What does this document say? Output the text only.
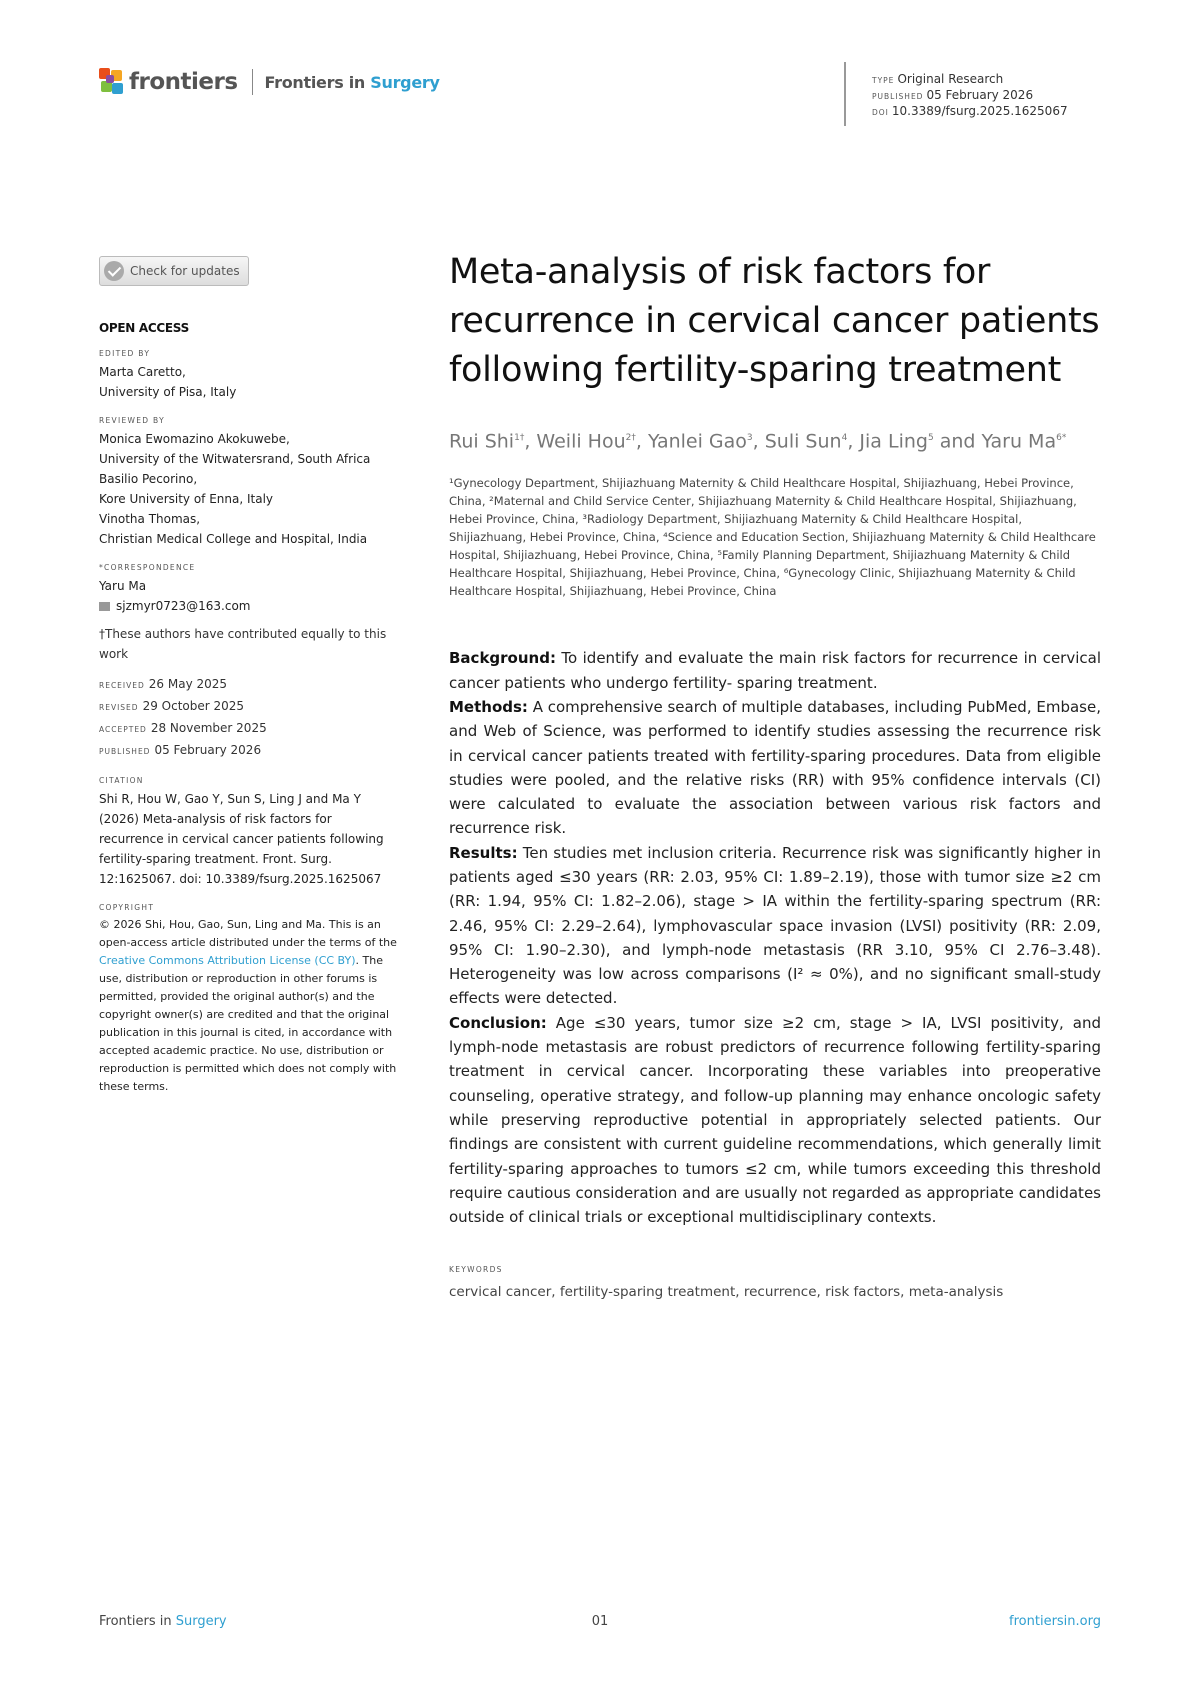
frontiers Frontiers in Surgery	TYPE Original Research
PUBLISHED 05 February 2026
DOI 10.3389/fsurg.2025.1625067
Check for updates
OPEN ACCESS
EDITED BY
Marta Caretto,
University of Pisa, Italy
REVIEWED BY
Monica Ewomazino Akokuwebe,
University of the Witwatersrand, South Africa
Basilio Pecorino,
Kore University of Enna, Italy
Vinotha Thomas,
Christian Medical College and Hospital, India
*CORRESPONDENCE
Yaru Ma
sjzmyr0723@163.com
†These authors have contributed equally to this work
RECEIVED 26 May 2025
REVISED 29 October 2025
ACCEPTED 28 November 2025
PUBLISHED 05 February 2026
CITATION
Shi R, Hou W, Gao Y, Sun S, Ling J and Ma Y (2026) Meta-analysis of risk factors for recurrence in cervical cancer patients following fertility-sparing treatment. Front. Surg. 12:1625067. doi: 10.3389/fsurg.2025.1625067
COPYRIGHT
© 2026 Shi, Hou, Gao, Sun, Ling and Ma. This is an open-access article distributed under the terms of the Creative Commons Attribution License (CC BY). The use, distribution or reproduction in other forums is permitted, provided the original author(s) and the copyright owner(s) are credited and that the original publication in this journal is cited, in accordance with accepted academic practice. No use, distribution or reproduction is permitted which does not comply with these terms.
Meta-analysis of risk factors for recurrence in cervical cancer patients following fertility-sparing treatment
Rui Shi$^{1\dagger}$, Weili Hou$^{2\dagger}$, Yanlei Gao$^3$, Suli Sun$^4$, Jia Ling$^5$ and Yaru $Ma^{6*}$
¹Gynecology Department, Shijiazhuang Maternity & Child Healthcare Hospital, Shijiazhuang, Hebei Province, China, ²Maternal and Child Service Center, Shijiazhuang Maternity & Child Healthcare Hospital, Shijiazhuang, Hebei Province, China, ³Radiology Department, Shijiazhuang Maternity & Child Healthcare Hospital, Shijiazhuang, Hebei Province, China, ⁴Science and Education Section, Shijiazhuang Maternity & Child Healthcare Hospital, Shijiazhuang, Hebei Province, China, ⁵Family Planning Department, Shijiazhuang Maternity & Child Healthcare Hospital, Shijiazhuang, Hebei Province, China, ⁶Gynecology Clinic, Shijiazhuang Maternity & Child Healthcare Hospital, Shijiazhuang, Hebei Province, China
Background: To identify and evaluate the main risk factors for recurrence in cervical cancer patients who undergo fertility- sparing treatment.
Methods: A comprehensive search of multiple databases, including PubMed, Embase, and Web of Science, was performed to identify studies assessing the recurrence risk in cervical cancer patients treated with fertility-sparing procedures. Data from eligible studies were pooled, and the relative risks (RR) with 95% confidence intervals (CI) were calculated to evaluate the association between various risk factors and recurrence risk.
Results: Ten studies met inclusion criteria. Recurrence risk was significantly higher in patients aged ≤30 years (RR: 2.03, 95% CI: 1.89–2.19), those with tumor size ≥2 cm (RR: 1.94, 95% CI: 1.82–2.06), stage > IA within the fertility-sparing spectrum (RR: 2.46, 95% CI: 2.29–2.64), lymphovascular space invasion (LVSI) positivity (RR: 2.09, 95% CI: 1.90–2.30), and lymph-node metastasis (RR 3.10, 95% CI 2.76–3.48). Heterogeneity was low across comparisons (I² ≈ 0%), and no significant small-study effects were detected.
Conclusion: Age ≤30 years, tumor size ≥2 cm, stage > IA, LVSI positivity, and lymph-node metastasis are robust predictors of recurrence following fertility-sparing treatment in cervical cancer. Incorporating these variables into preoperative counseling, operative strategy, and follow-up planning may enhance oncologic safety while preserving reproductive potential in appropriately selected patients. Our findings are consistent with current guideline recommendations, which generally limit fertility-sparing approaches to tumors ≤2 cm, while tumors exceeding this threshold require cautious consideration and are usually not regarded as appropriate candidates outside of clinical trials or exceptional multidisciplinary contexts.
KEYWORDS
cervical cancer, fertility-sparing treatment, recurrence, risk factors, meta-analysis
Frontiers in Surgery	01	frontiersin.org
